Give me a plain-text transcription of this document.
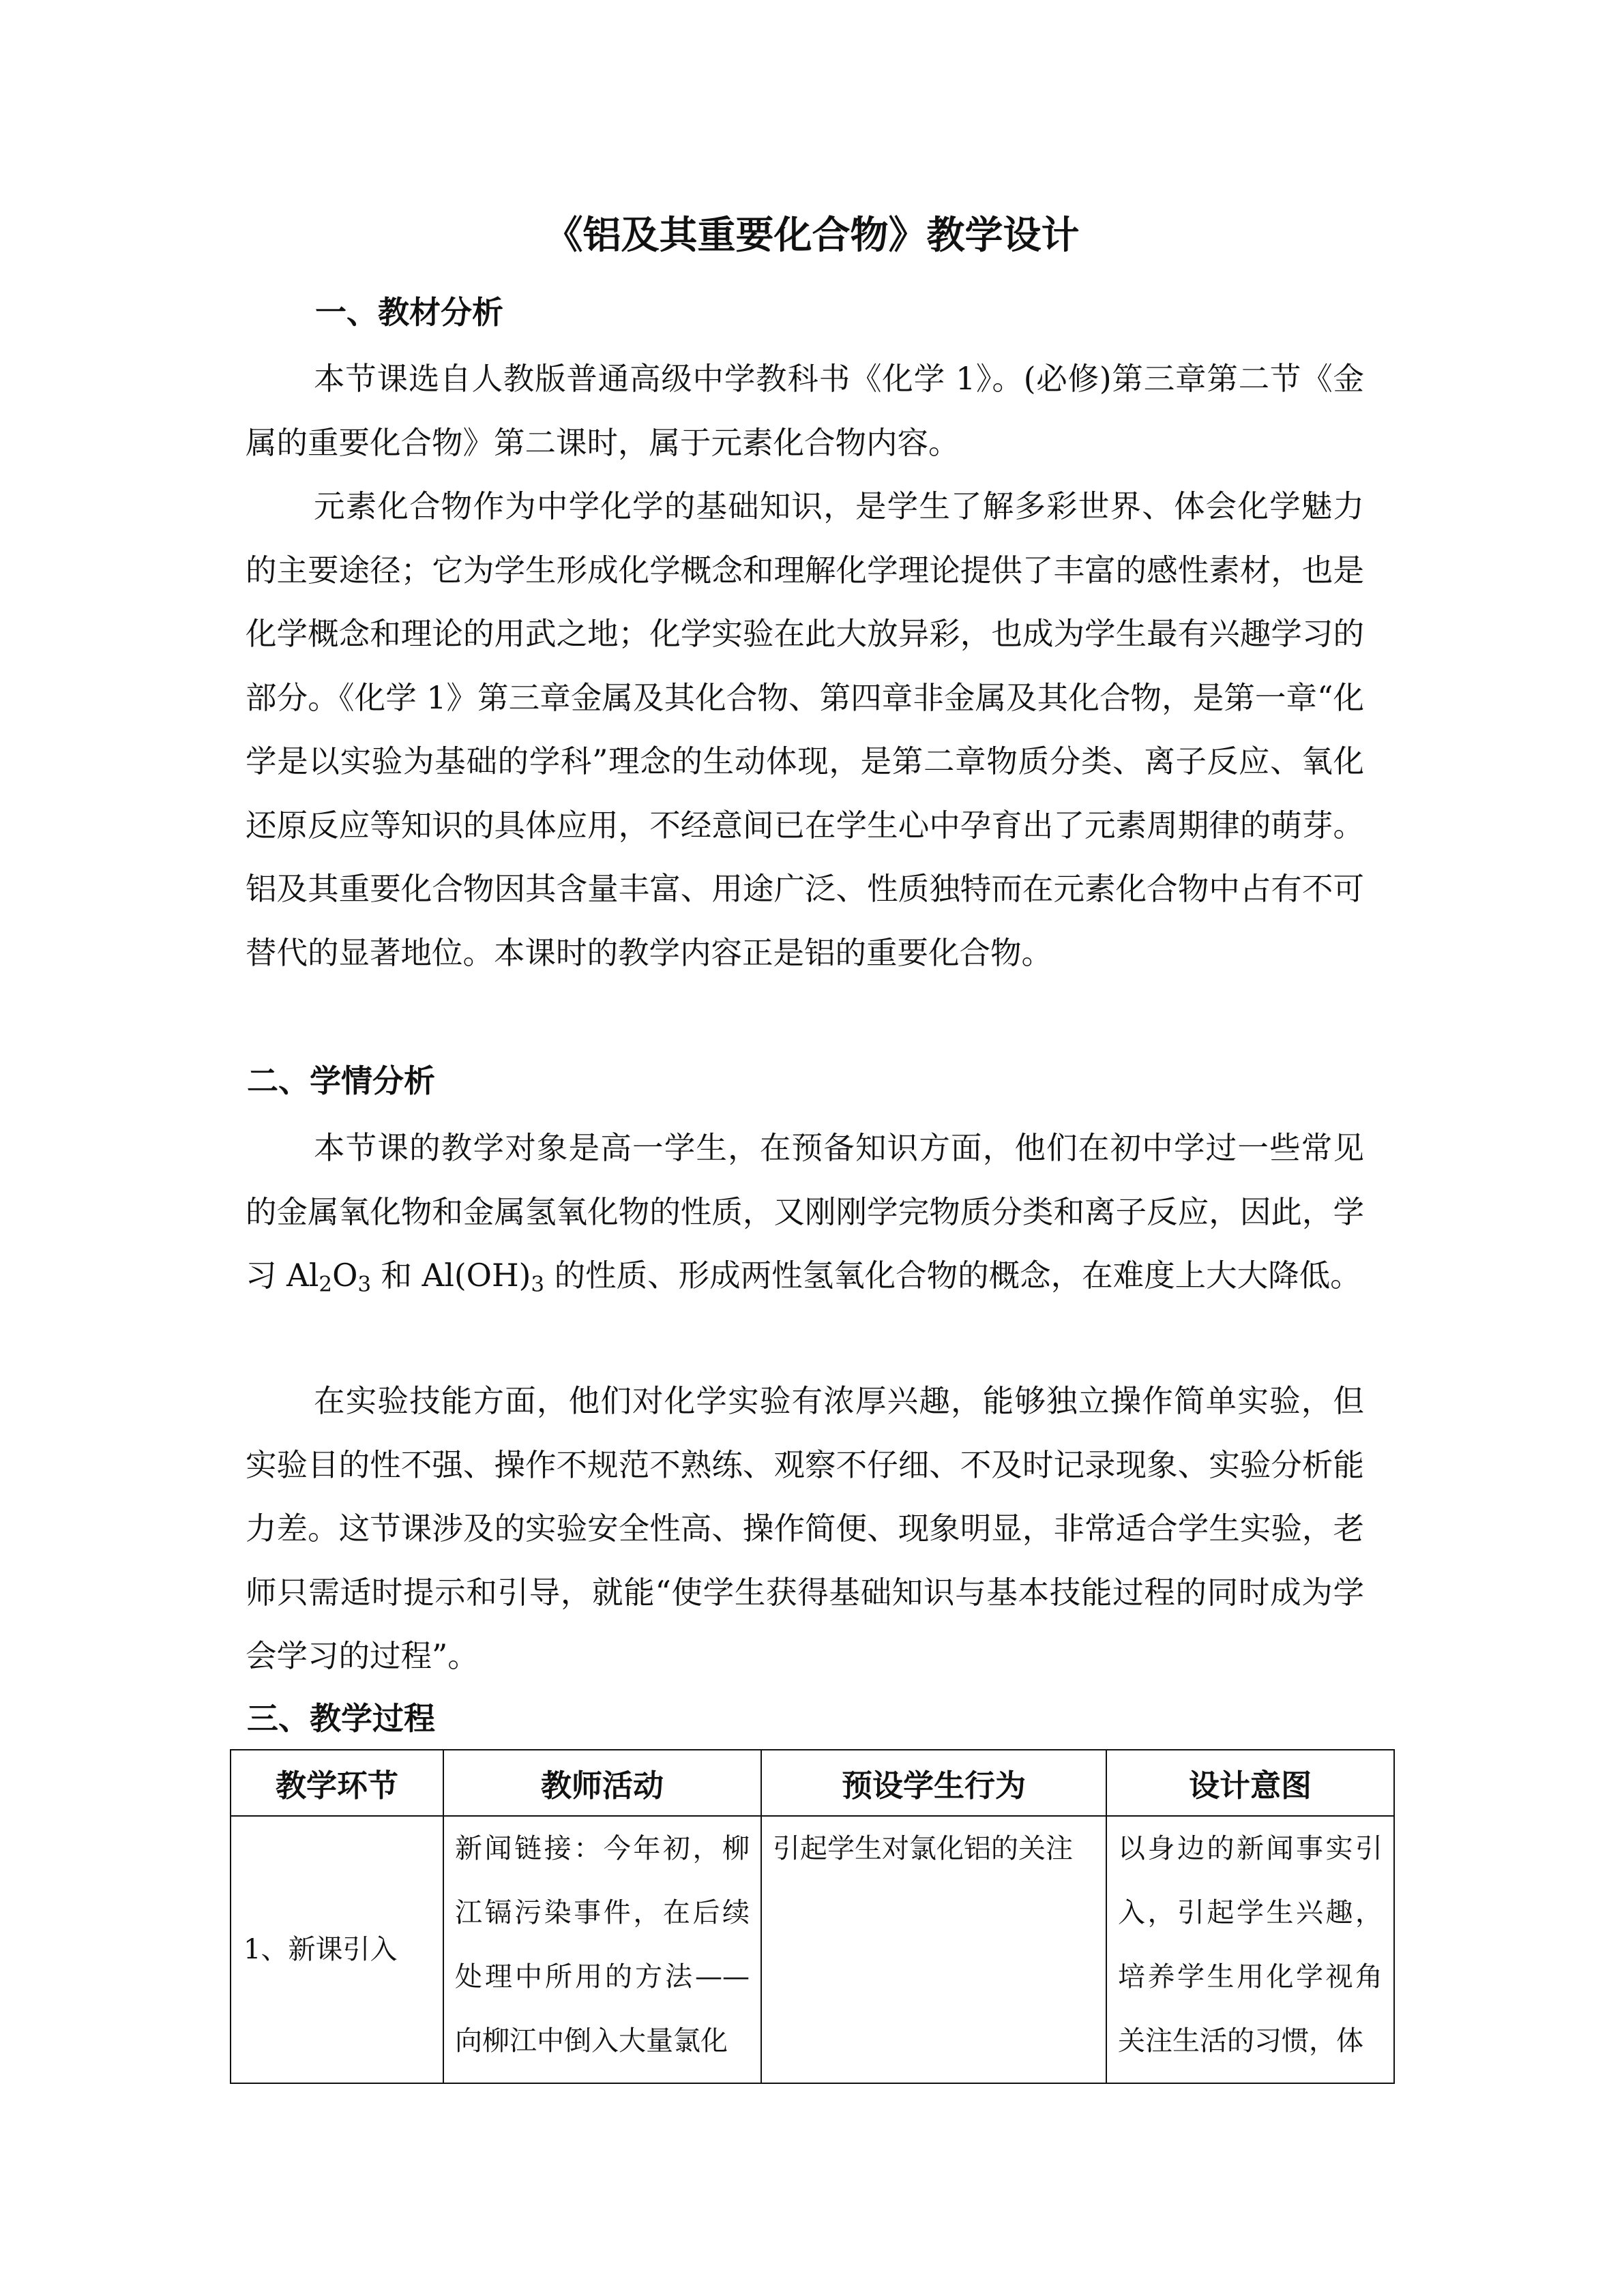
《铝及其重要化合物》教学设计
一、教材分析

本节课选自人教版普通高级中学教科书《化学 1》。(必修)第三章第二节《金属的重要化合物》第二课时，属于元素化合物内容。

元素化合物作为中学化学的基础知识，是学生了解多彩世界、体会化学魅力的主要途径；它为学生形成化学概念和理解化学理论提供了丰富的感性素材，也是化学概念和理论的用武之地；化学实验在此大放异彩，也成为学生最有兴趣学习的部分。《化学 1》第三章金属及其化合物、第四章非金属及其化合物，是第一章“化学是以实验为基础的学科”理念的生动体现，是第二章物质分类、离子反应、氧化还原反应等知识的具体应用，不经意间已在学生心中孕育出了元素周期律的萌芽。铝及其重要化合物因其含量丰富、用途广泛、性质独特而在元素化合物中占有不可替代的显著地位。本课时的教学内容正是铝的重要化合物。

二、学情分析

本节课的教学对象是高一学生，在预备知识方面，他们在初中学过一些常见的金属氧化物和金属氢氧化物的性质，又刚刚学完物质分类和离子反应，因此，学习 $Al_2O_3$ 和 $Al(OH)_3$ 的性质、形成两性氢氧化合物的概念，在难度上大大降低。

在实验技能方面，他们对化学实验有浓厚兴趣，能够独立操作简单实验，但实验目的性不强、操作不规范不熟练、观察不仔细、不及时记录现象、实验分析能力差。这节课涉及的实验安全性高、操作简便、现象明显，非常适合学生实验，老师只需适时提示和引导，就能“使学生获得基础知识与基本技能过程的同时成为学会学习的过程”。

三、教学过程
教学环节	教师活动	预设学生行为	设计意图
1、新课引入	新闻链接：今年初，柳江镉污染事件，在后续处理中所用的方法——向柳江中倒入大量氯化	引起学生对氯化铝的关注	以身边的新闻事实引入，引起学生兴趣，培养学生用化学视角关注生活的习惯，体
